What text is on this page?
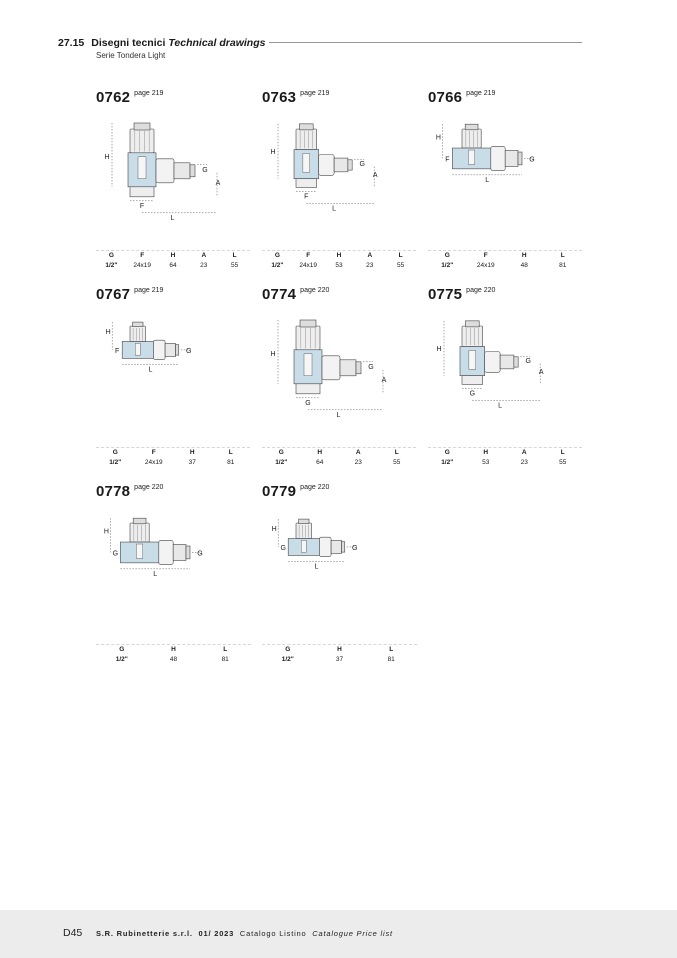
27.15 Disegni tecnici Technical drawings
Serie Tondera Light
0762 page 219
H
G
A
F
L
G	F	H	A	L
1/2"	24x19	64	23	55
0763 page 219
H
G
A
F
L
G	F	H	A	L
1/2"	24x19	53	23	55
0766 page 219
H
F	G
L
G	F	H	L
1/2"	24x19	48	81
0767 page 219
H
F	G
L
G	F	H	L
1/2"	24x19	37	81
0774 page 220
H
G
A
G
L
G	H	A	L
1/2"	64	23	55
0775 page 220
H
G
A
G
L
G	H	A	L
1/2"	53	23	55
0778 page 220
H
G	G
L
G	H	L
1/2"	48	81
0779 page 220
H
G	G
L
G	H	L
1/2"	37	81
D45 S.R. Rubinetterie s.r.l. 01/ 2023 Catalogo Listino Catalogue Price list
